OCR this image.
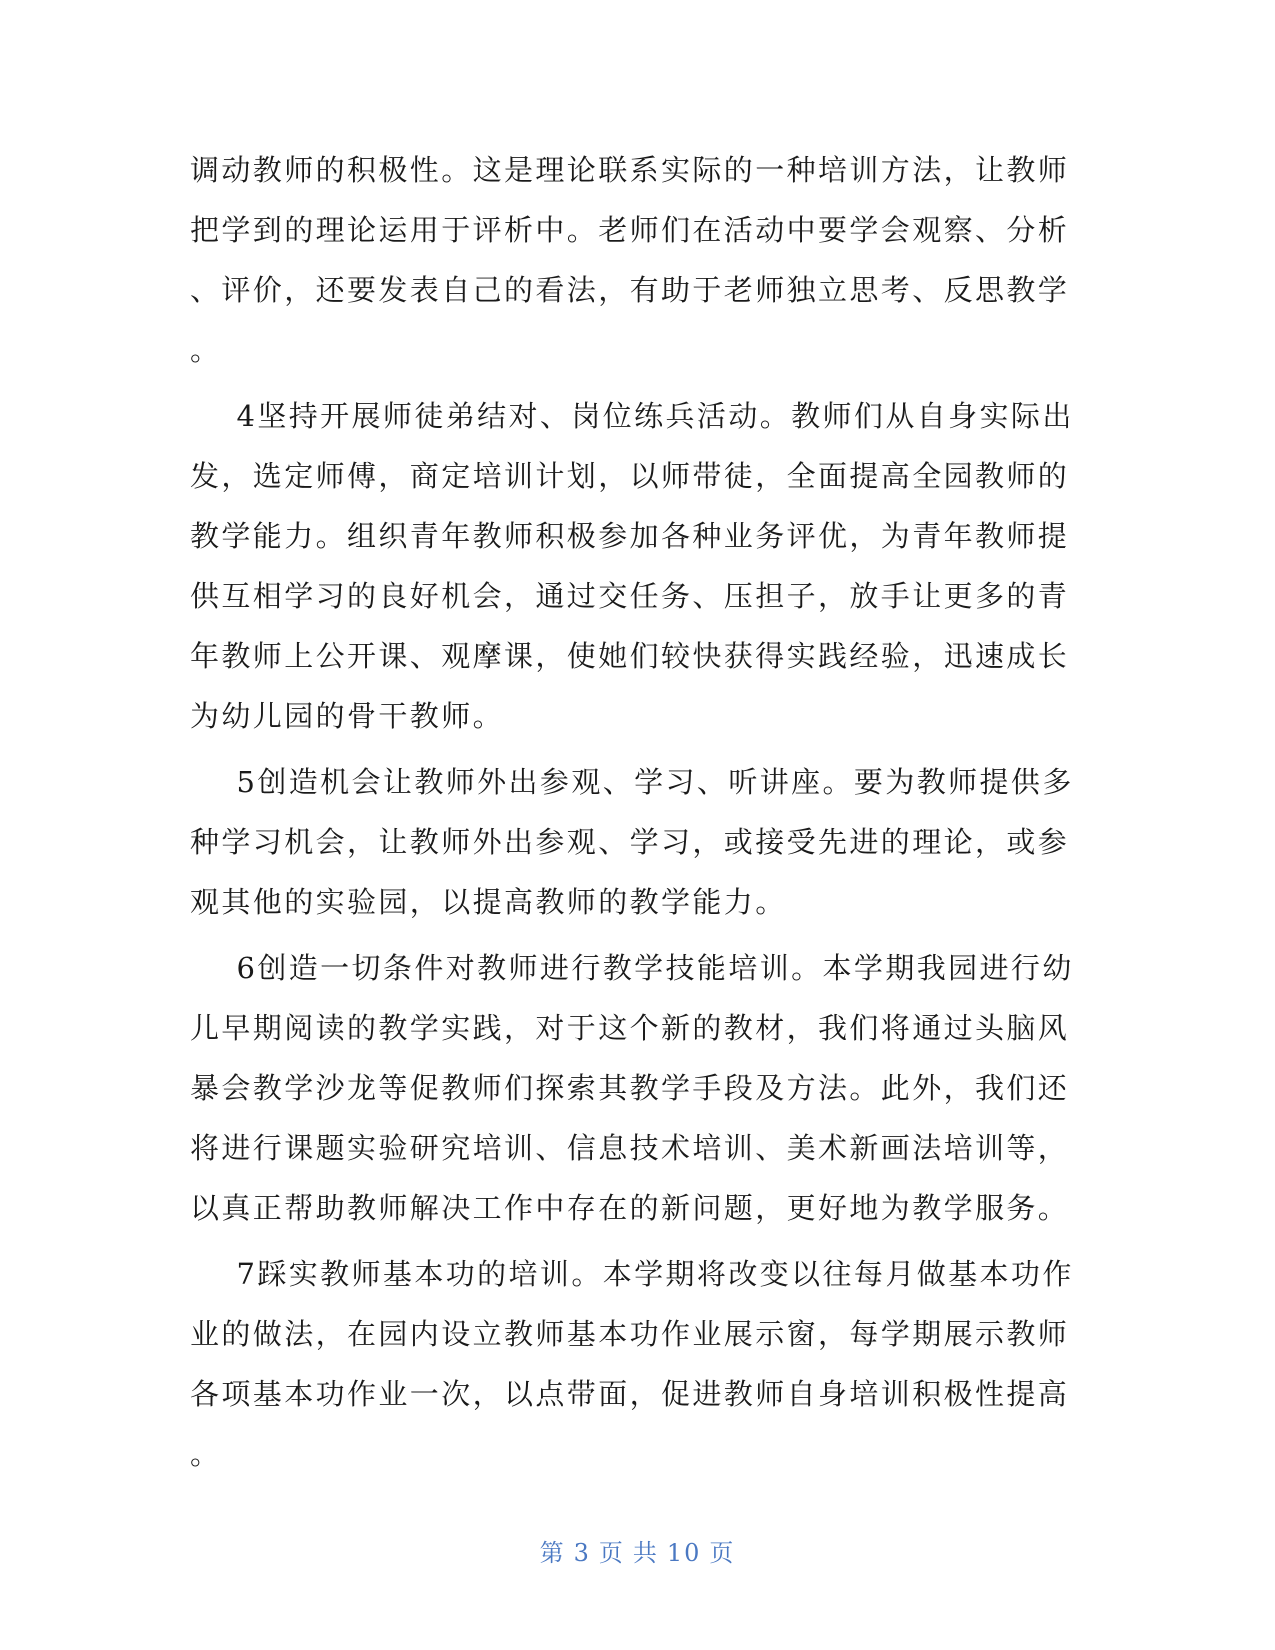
调动教师的积极性。这是理论联系实际的一种培训方法，让教师
把学到的理论运用于评析中。老师们在活动中要学会观察、分析
、评价，还要发表自己的看法，有助于老师独立思考、反思教学
。
4坚持开展师徒弟结对、岗位练兵活动。教师们从自身实际出
发，选定师傅，商定培训计划，以师带徒，全面提高全园教师的
教学能力。组织青年教师积极参加各种业务评优，为青年教师提
供互相学习的良好机会，通过交任务、压担子，放手让更多的青
年教师上公开课、观摩课，使她们较快获得实践经验，迅速成长
为幼儿园的骨干教师。
5创造机会让教师外出参观、学习、听讲座。要为教师提供多
种学习机会，让教师外出参观、学习，或接受先进的理论，或参
观其他的实验园，以提高教师的教学能力。
6创造一切条件对教师进行教学技能培训。本学期我园进行幼
儿早期阅读的教学实践，对于这个新的教材，我们将通过头脑风
暴会教学沙龙等促教师们探索其教学手段及方法。此外，我们还
将进行课题实验研究培训、信息技术培训、美术新画法培训等，
以真正帮助教师解决工作中存在的新问题，更好地为教学服务。
7踩实教师基本功的培训。本学期将改变以往每月做基本功作
业的做法，在园内设立教师基本功作业展示窗，每学期展示教师
各项基本功作业一次，以点带面，促进教师自身培训积极性提高
。
第 3 页 共 10 页
